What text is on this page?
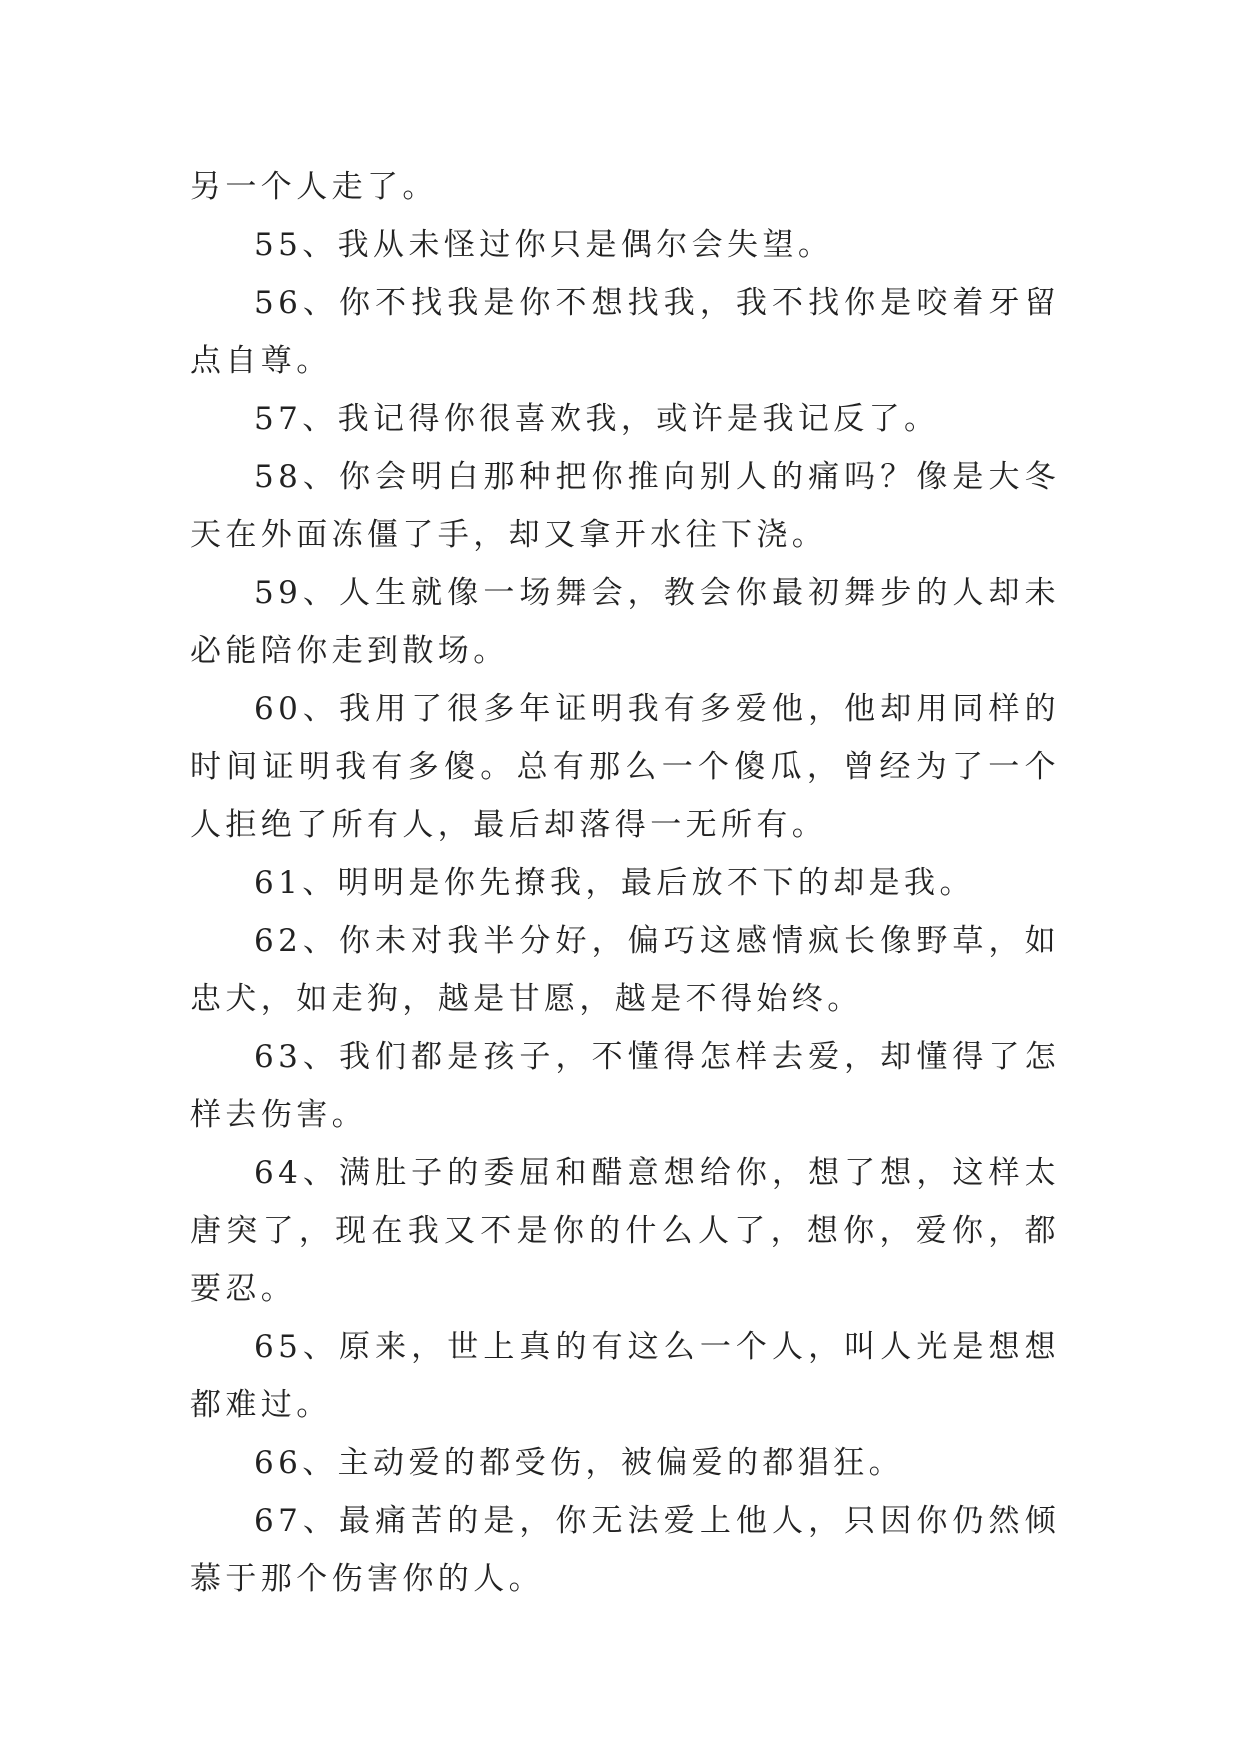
另一个人走了。

55、我从未怪过你只是偶尔会失望。

56、你不找我是你不想找我，我不找你是咬着牙留点自尊。

57、我记得你很喜欢我，或许是我记反了。

58、你会明白那种把你推向别人的痛吗？像是大冬天在外面冻僵了手，却又拿开水往下浇。

59、人生就像一场舞会，教会你最初舞步的人却未必能陪你走到散场。

60、我用了很多年证明我有多爱他，他却用同样的时间证明我有多傻。总有那么一个傻瓜，曾经为了一个人拒绝了所有人，最后却落得一无所有。

61、明明是你先撩我，最后放不下的却是我。

62、你未对我半分好，偏巧这感情疯长像野草，如忠犬，如走狗，越是甘愿，越是不得始终。

63、我们都是孩子，不懂得怎样去爱，却懂得了怎样去伤害。

64、满肚子的委屈和醋意想给你，想了想，这样太唐突了，现在我又不是你的什么人了，想你，爱你，都要忍。

65、原来，世上真的有这么一个人，叫人光是想想都难过。

66、主动爱的都受伤，被偏爱的都猖狂。

67、最痛苦的是，你无法爱上他人，只因你仍然倾慕于那个伤害你的人。
